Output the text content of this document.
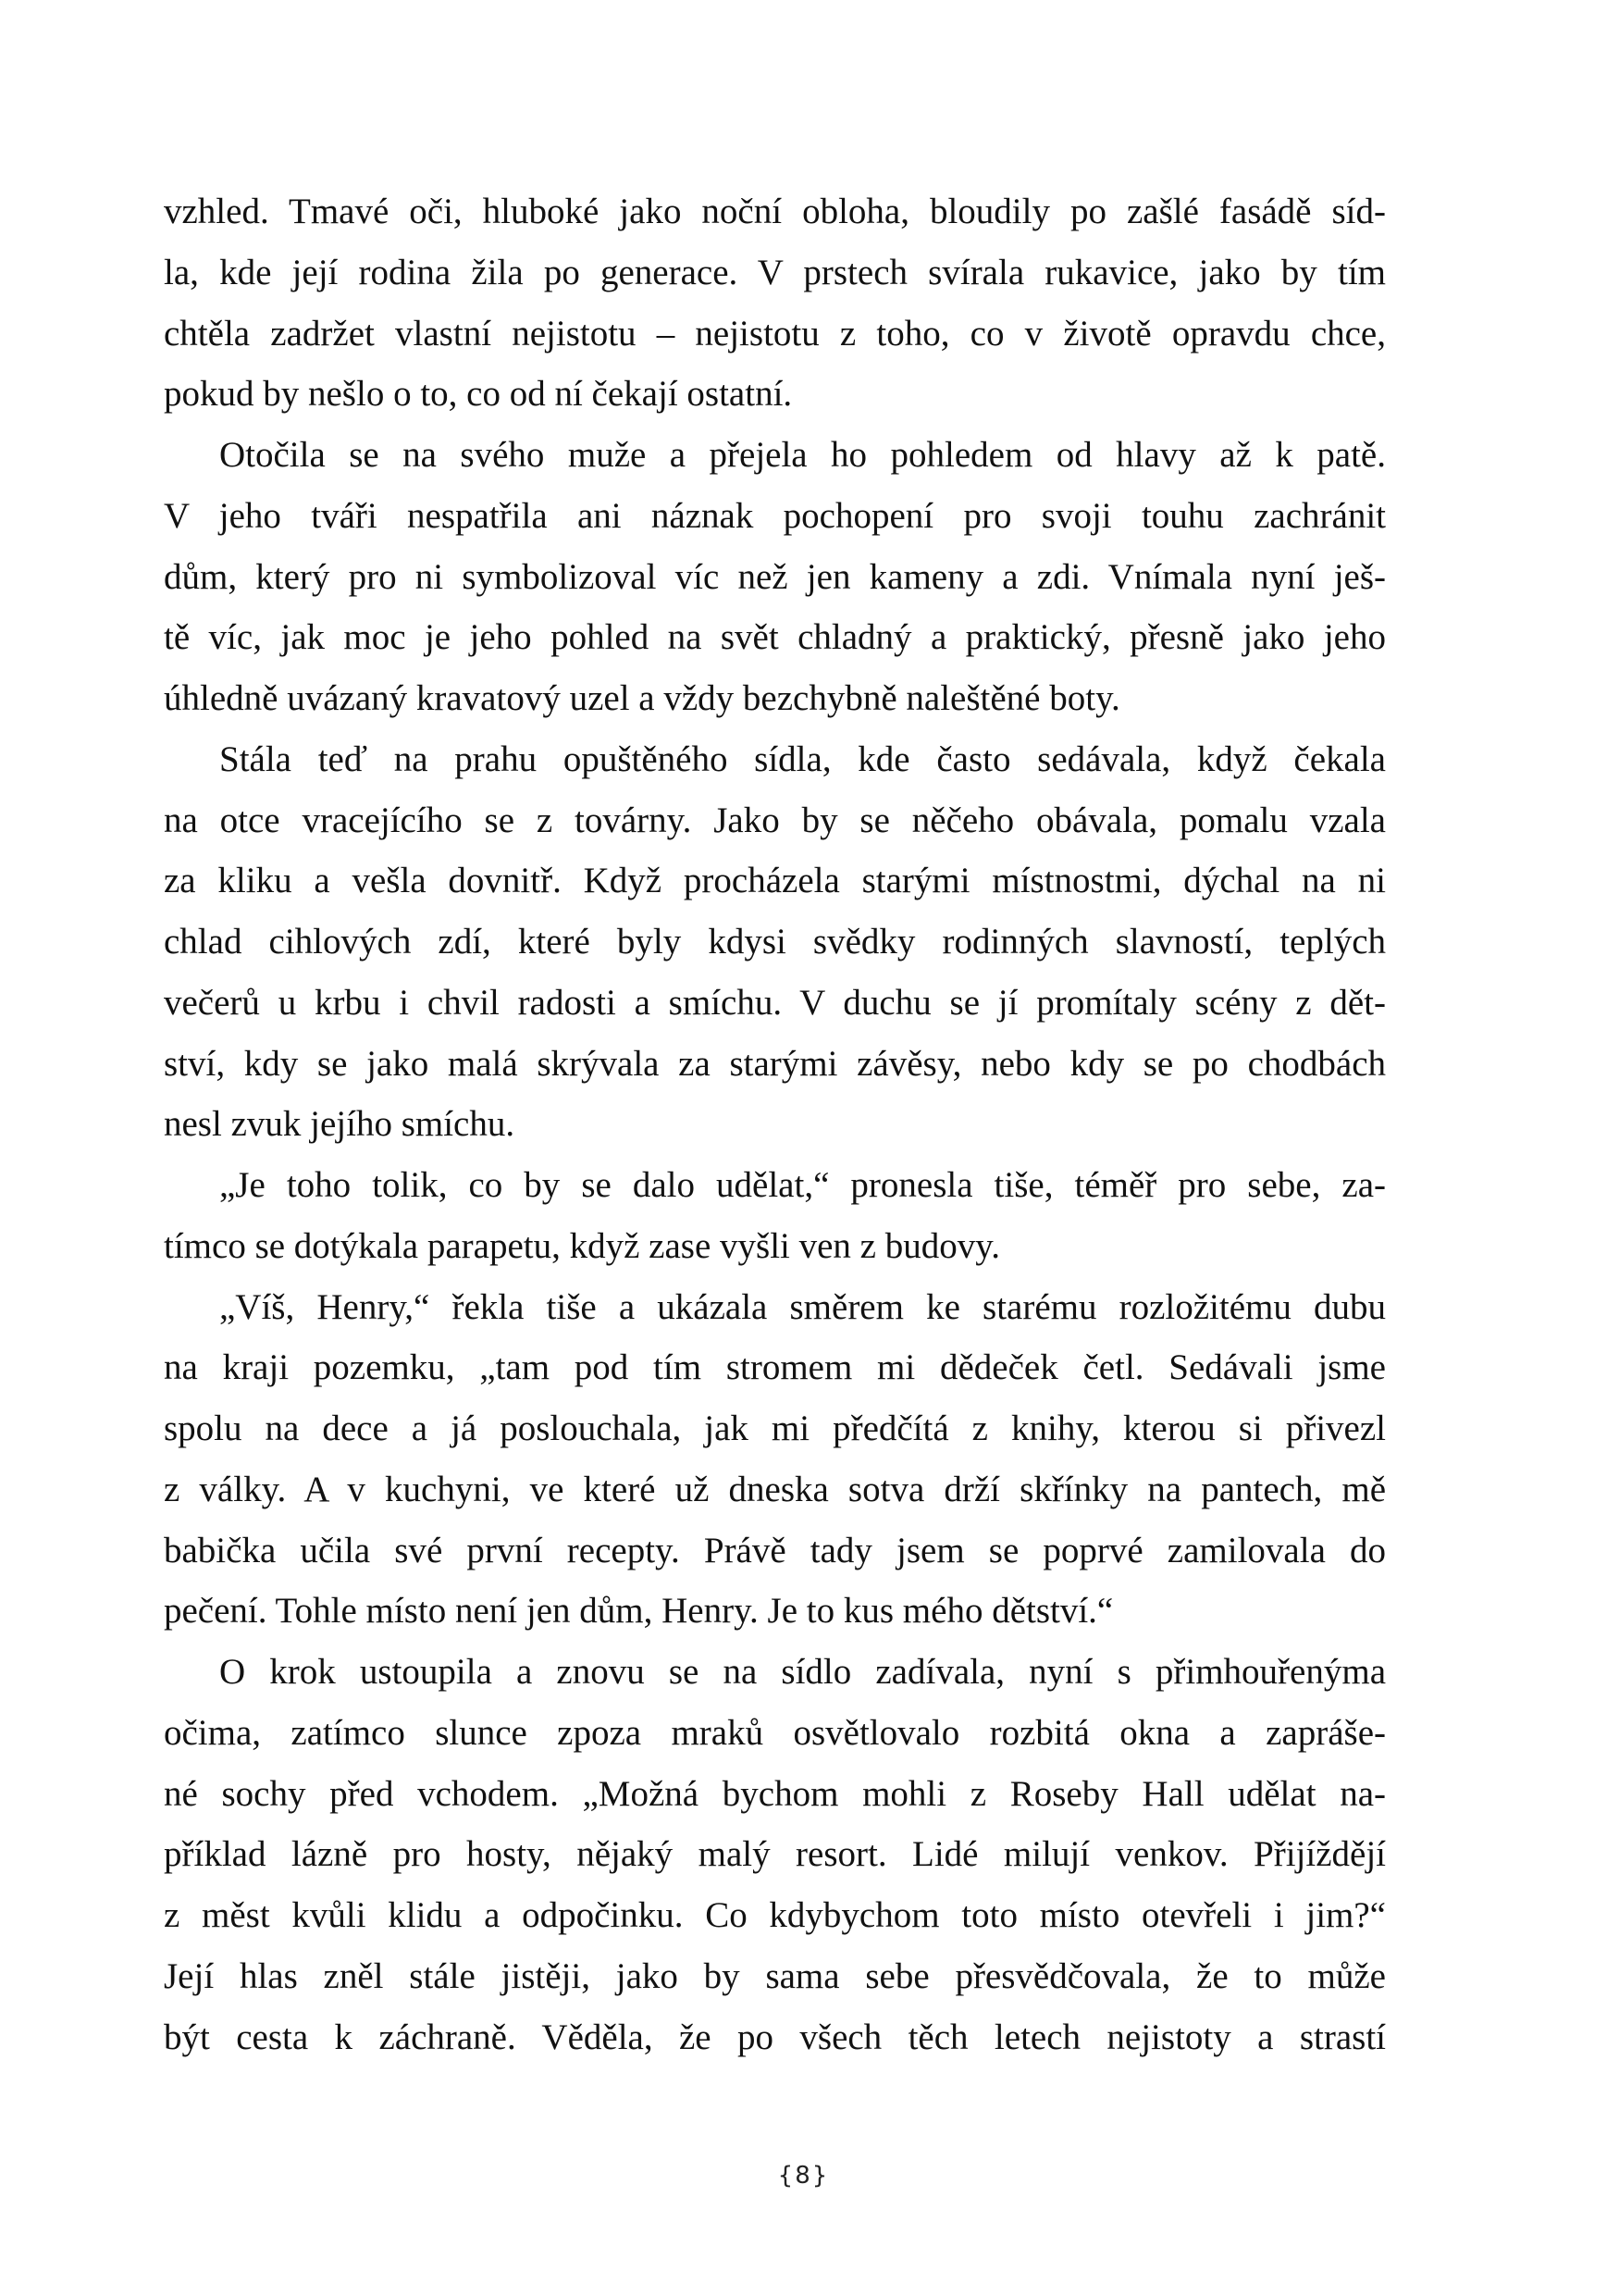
vzhled. Tmavé oči, hluboké jako noční obloha, bloudily po zašlé fasádě síd-
la, kde její rodina žila po generace. V prstech svírala rukavice, jako by tím
chtěla zadržet vlastní nejistotu – nejistotu z toho, co v životě opravdu chce,
pokud by nešlo o to, co od ní čekají ostatní.
Otočila se na svého muže a přejela ho pohledem od hlavy až k patě.
V jeho tváři nespatřila ani náznak pochopení pro svoji touhu zachránit
dům, který pro ni symbolizoval víc než jen kameny a zdi. Vnímala nyní ješ-
tě víc, jak moc je jeho pohled na svět chladný a praktický, přesně jako jeho
úhledně uvázaný kravatový uzel a vždy bezchybně naleštěné boty.
Stála teď na prahu opuštěného sídla, kde často sedávala, když čekala
na otce vracejícího se z továrny. Jako by se něčeho obávala, pomalu vzala
za kliku a vešla dovnitř. Když procházela starými místnostmi, dýchal na ni
chlad cihlových zdí, které byly kdysi svědky rodinných slavností, teplých
večerů u krbu i chvil radosti a smíchu. V duchu se jí promítaly scény z dět-
ství, kdy se jako malá skrývala za starými závěsy, nebo kdy se po chodbách
nesl zvuk jejího smíchu.
„Je toho tolik, co by se dalo udělat,“ pronesla tiše, téměř pro sebe, za-
tímco se dotýkala parapetu, když zase vyšli ven z budovy.
„Víš, Henry,“ řekla tiše a ukázala směrem ke starému rozložitému dubu
na kraji pozemku, „tam pod tím stromem mi dědeček četl. Sedávali jsme
spolu na dece a já poslouchala, jak mi předčítá z knihy, kterou si přivezl
z války. A v kuchyni, ve které už dneska sotva drží skřínky na pantech, mě
babička učila své první recepty. Právě tady jsem se poprvé zamilovala do
pečení. Tohle místo není jen dům, Henry. Je to kus mého dětství.“
O krok ustoupila a znovu se na sídlo zadívala, nyní s přimhouřenýma
očima, zatímco slunce zpoza mraků osvětlovalo rozbitá okna a zapráše-
né sochy před vchodem. „Možná bychom mohli z Roseby Hall udělat na-
příklad lázně pro hosty, nějaký malý resort. Lidé milují venkov. Přijíždějí
z měst kvůli klidu a odpočinku. Co kdybychom toto místo otevřeli i jim?“
Její hlas zněl stále jistěji, jako by sama sebe přesvědčovala, že to může
být cesta k záchraně. Věděla, že po všech těch letech nejistoty a strastí
{8}
